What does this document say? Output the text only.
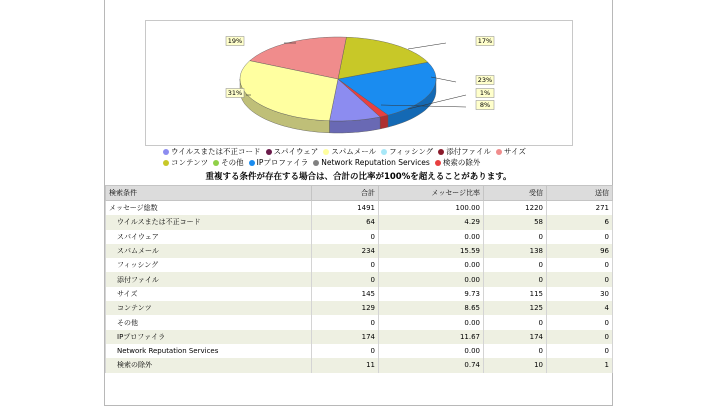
19%	17%
23%
1%
8%
31%
ウイルスまたは不正コード スパイウェア スパムメール フィッシング 添付ファイル サイズ
コンテンツ その他 IPプロファイラ Network Reputation Services 検索の除外
重複する条件が存在する場合は、合計の比率が100%を超えることがあります。
検索条件	合計	メッセージ比率	受信	送信
メッセージ総数	1491	100.00	1220	271
ウイルスまたは不正コード	64	4.29	58	6
スパイウェア	0	0.00	0	0
スパムメール	234	15.59	138	96
フィッシング	0	0.00	0	0
添付ファイル	0	0.00	0	0
サイズ	145	9.73	115	30
コンテンツ	129	8.65	125	4
その他	0	0.00	0	0
IPプロファイラ	174	11.67	174	0
Network Reputation Services	0	0.00	0	0
検索の除外	11	0.74	10	1
